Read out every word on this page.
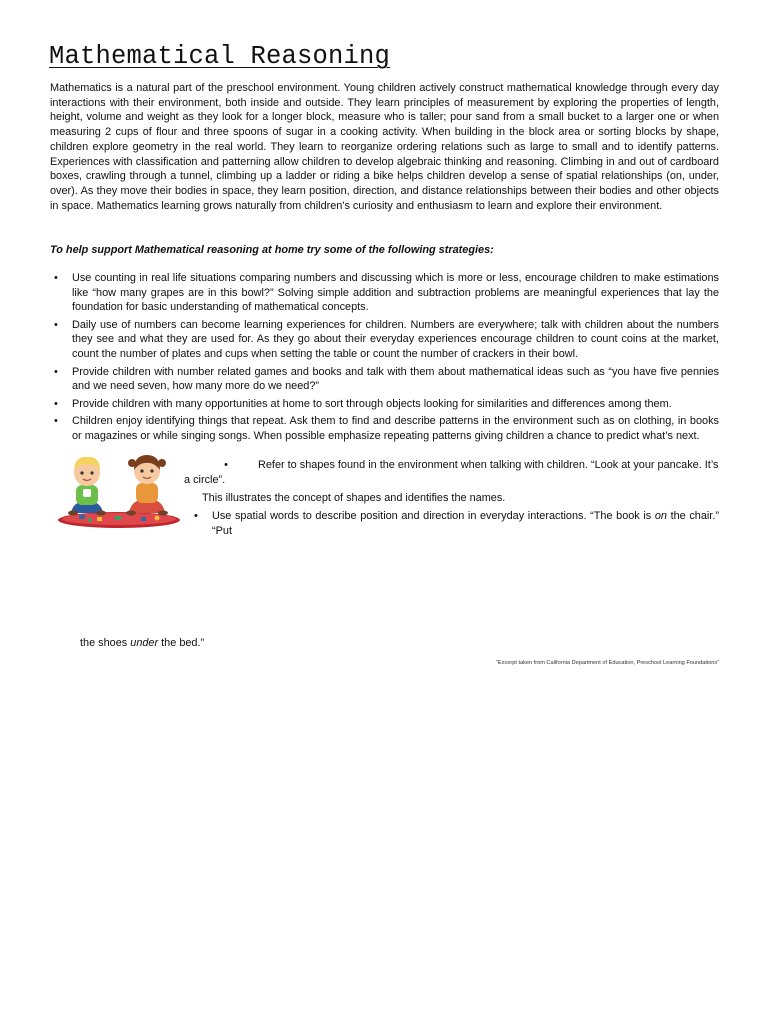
Mathematical Reasoning

Mathematics is a natural part of the preschool environment. Young children actively construct mathematical knowledge through every day interactions with their environment, both inside and outside. They learn principles of measurement by exploring the properties of length, height, volume and weight as they look for a longer block, measure who is taller; pour sand from a small bucket to a larger one or when measuring 2 cups of flour and three spoons of sugar in a cooking activity. When building in the block area or sorting blocks by shape, children explore geometry in the real world. They learn to reorganize ordering relations such as large to small and to identify patterns. Experiences with classification and patterning allow children to develop algebraic thinking and reasoning. Climbing in and out of cardboard boxes, crawling through a tunnel, climbing up a ladder or riding a bike helps children develop a sense of spatial relationships (on, under, over). As they move their bodies in space, they learn position, direction, and distance relationships between their bodies and other objects in space. Mathematics learning grows naturally from children's curiosity and enthusiasm to learn and explore their environment.

To help support Mathematical reasoning at home try some of the following strategies:

• Use counting in real life situations comparing numbers and discussing which is more or less, encourage children to make estimations like “how many grapes are in this bowl?” Solving simple addition and subtraction problems are meaningful experiences that lay the foundation for basic understanding of mathematical concepts.
• Daily use of numbers can become learning experiences for children. Numbers are everywhere; talk with children about the numbers they see and what they are used for. As they go about their everyday experiences encourage children to count coins at the market, count the number of plates and cups when setting the table or count the number of crackers in their bowl.
• Provide children with number related games and books and talk with them about mathematical ideas such as “you have five pennies and we need seven, how many more do we need?”
• Provide children with many opportunities at home to sort through objects looking for similarities and differences among them.
• Children enjoy identifying things that repeat. Ask them to find and describe patterns in the environment such as on clothing, in books or magazines or while singing songs. When possible emphasize repeating patterns giving children a chance to predict what’s next.

•	Refer to shapes found in the environment when talking with children. “Look at your pancake. It’s a circle”.

This illustrates the concept of shapes and identifies the names.

•	Use spatial words to describe position and direction in everyday interactions. “The book is on the chair.” “Put

the shoes under the bed.”

“Excerpt taken from California Department of Education, Preschool Learning Foundations”
